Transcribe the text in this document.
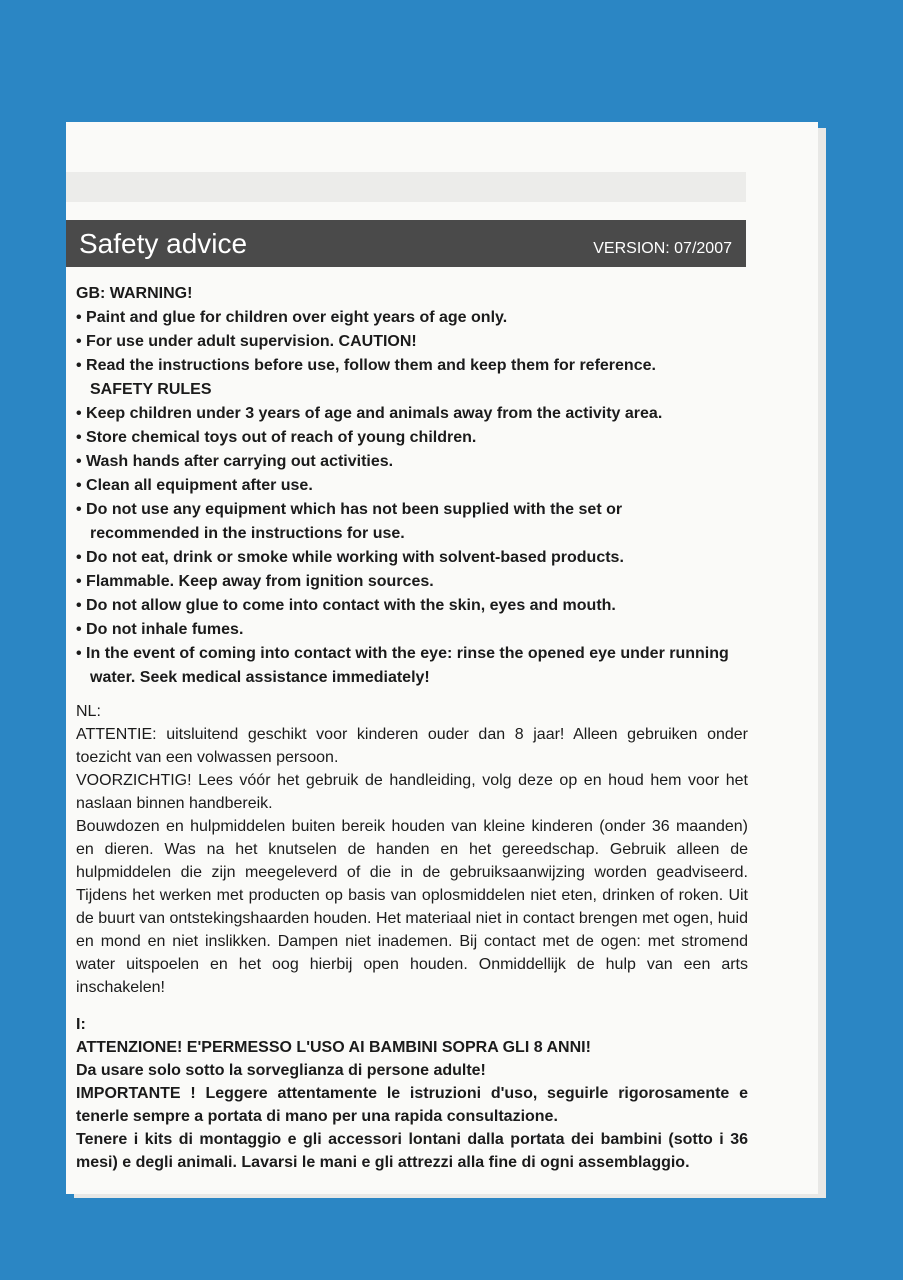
Safety advice	VERSION: 07/2007
GB: WARNING!
• Paint and glue for children over eight years of age only.
• For use under adult supervision. CAUTION!
• Read the instructions before use, follow them and keep them for reference.
SAFETY RULES
• Keep children under 3 years of age and animals away from the activity area.
• Store chemical toys out of reach of young children.
• Wash hands after carrying out activities.
• Clean all equipment after use.
• Do not use any equipment which has not been supplied with the set or recommended in the instructions for use.
• Do not eat, drink or smoke while working with solvent-based products.
• Flammable. Keep away from ignition sources.
• Do not allow glue to come into contact with the skin, eyes and mouth.
• Do not inhale fumes.
• In the event of coming into contact with the eye: rinse the opened eye under running water. Seek medical assistance immediately!
NL:

ATTENTIE: uitsluitend geschikt voor kinderen ouder dan 8 jaar! Alleen gebruiken onder toezicht van een volwassen persoon.

VOORZICHTIG! Lees vóór het gebruik de handleiding, volg deze op en houd hem voor het naslaan binnen handbereik.

Bouwdozen en hulpmiddelen buiten bereik houden van kleine kinderen (onder 36 maanden) en dieren. Was na het knutselen de handen en het gereedschap. Gebruik alleen de hulpmiddelen die zijn meegeleverd of die in de gebruiksaanwijzing worden geadviseerd. Tijdens het werken met producten op basis van oplosmiddelen niet eten, drinken of roken. Uit de buurt van ontstekingshaarden houden. Het materiaal niet in contact brengen met ogen, huid en mond en niet inslikken. Dampen niet inademen. Bij contact met de ogen: met stromend water uitspoelen en het oog hierbij open houden. Onmiddellijk de hulp van een arts inschakelen!

I:

ATTENZIONE! E'PERMESSO L'USO AI BAMBINI SOPRA GLI 8 ANNI!

Da usare solo sotto la sorveglianza di persone adulte!

IMPORTANTE ! Leggere attentamente le istruzioni d'uso, seguirle rigorosamente e tenerle sempre a portata di mano per una rapida consultazione.

Tenere i kits di montaggio e gli accessori lontani dalla portata dei bambini (sotto i 36 mesi) e degli animali. Lavarsi le mani e gli attrezzi alla fine di ogni assemblaggio.
